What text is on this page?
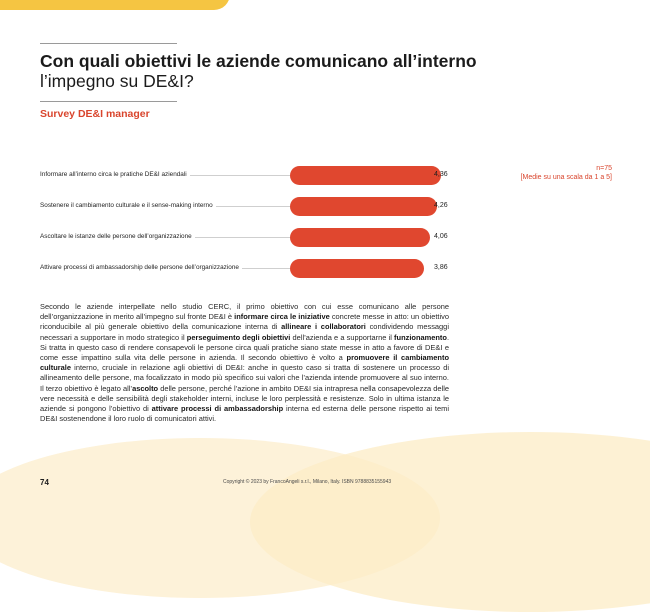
Con quali obiettivi le aziende comunicano all’interno
l’impegno su DE&I?
Survey DE&I manager
n=75
[Medie su una scala da 1 a 5]
Informare all’interno circa le pratiche DE&I aziendali	4,36
Sostenere il cambiamento culturale e il sense-making interno	4,26
Ascoltare le istanze delle persone dell’organizzazione	4,06
Attivare processi di ambassadorship delle persone dell’organizzazione	3,86
Secondo le aziende interpellate nello studio CERC, il primo obiettivo con cui esse comunicano alle persone dell’organizzazione in merito all’impegno sul fronte DE&I è informare circa le iniziative concrete messe in atto: un obiettivo riconducibile al più generale obiettivo della comunicazione interna di allineare i collaboratori condividendo messaggi necessari a supportare in modo strategico il perseguimento degli obiettivi dell’azienda e a supportarne il funzionamento. Si tratta in questo caso di rendere consapevoli le persone circa quali pratiche siano state messe in atto a favore di DE&I e come esse impattino sulla vita delle persone in azienda. Il secondo obiettivo è volto a promuovere il cambiamento culturale interno, cruciale in relazione agli obiettivi di DE&I: anche in questo caso si tratta di sostenere un processo di allineamento delle persone, ma focalizzato in modo più specifico sui valori che l’azienda intende promuovere al suo interno. Il terzo obiettivo è legato all’ascolto delle persone, perché l’azione in ambito DE&I sia intrapresa nella consapevolezza delle vere necessità e delle sensibilità degli stakeholder interni, incluse le loro perplessità e resistenze. Solo in ultima istanza le aziende si pongono l’obiettivo di attivare processi di ambassadorship interna ed esterna delle persone rispetto ai temi DE&I sostenendone il loro ruolo di comunicatori attivi.
74	Copyright © 2023 by FrancoAngeli s.r.l., Milano, Italy. ISBN 9788835155943
